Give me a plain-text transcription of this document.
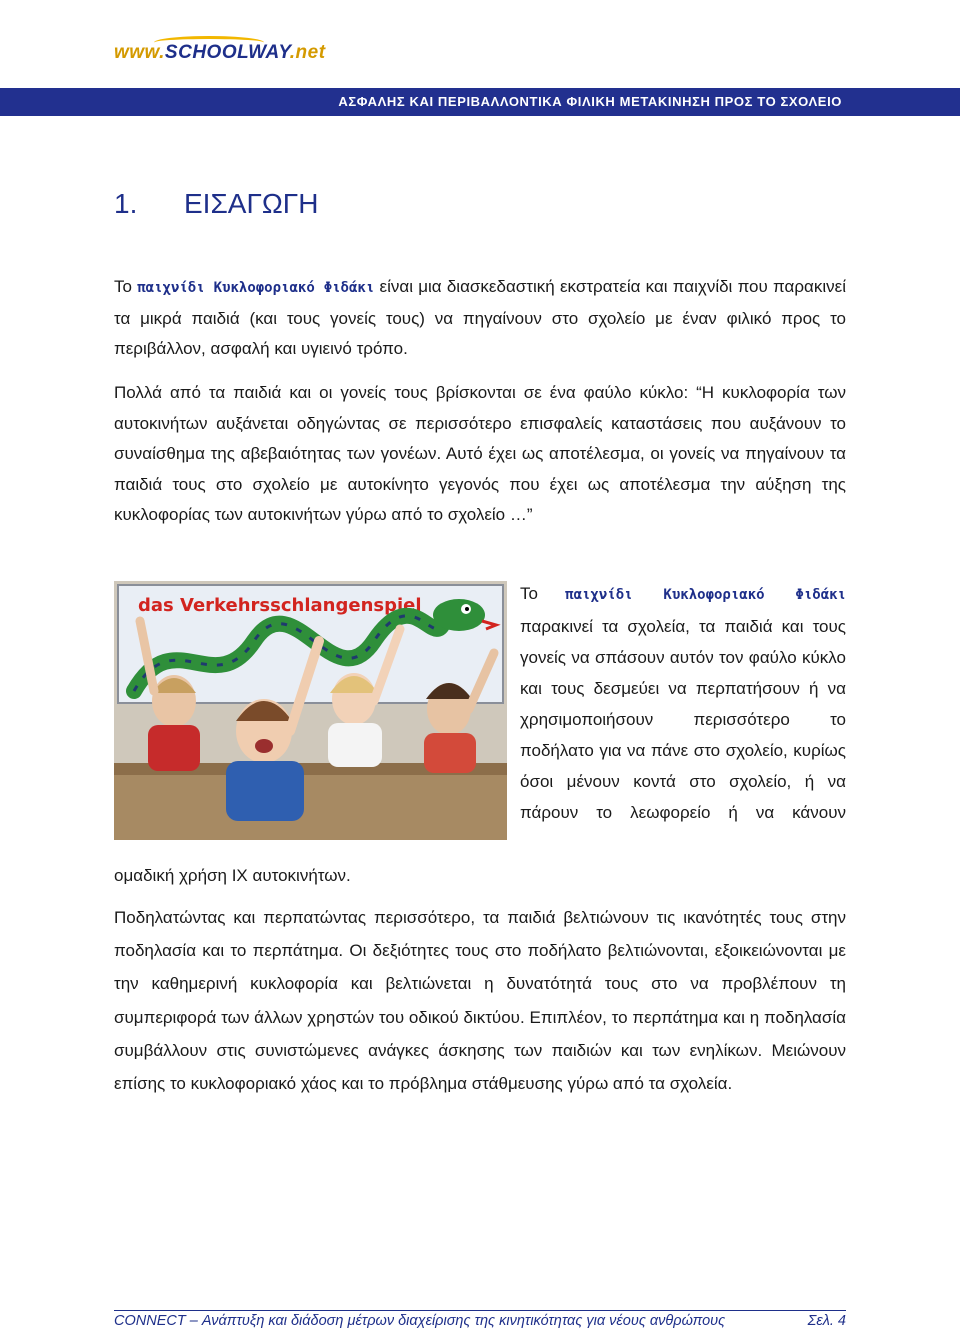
www.SCHOOLWAY.net
ΑΣΦΑΛΗΣ ΚΑΙ ΠΕΡΙΒΑΛΛΟΝΤΙΚΑ ΦΙΛΙΚΗ ΜΕΤΑΚΙΝΗΣΗ ΠΡΟΣ ΤΟ ΣΧΟΛΕΙΟ
1. ΕΙΣΑΓΩΓΗ

Το παιχνίδι Κυκλοφοριακό Φιδάκι είναι μια διασκεδαστική εκστρατεία και παιχνίδι που παρακινεί τα μικρά παιδιά (και τους γονείς τους) να πηγαίνουν στο σχολείο με έναν φιλικό προς το περιβάλλον, ασφαλή και υγιεινό τρόπο.

Πολλά από τα παιδιά και οι γονείς τους βρίσκονται σε ένα φαύλο κύκλο: “Η κυκλοφορία των αυτοκινήτων αυξάνεται οδηγώντας σε περισσότερο επισφαλείς καταστάσεις που αυξάνουν το συναίσθημα της αβεβαιότητας των γονέων. Αυτό έχει ως αποτέλεσμα, οι γονείς να πηγαίνουν τα παιδιά τους στο σχολείο με αυτοκίνητο γεγονός που έχει ως αποτέλεσμα την αύξηση της κυκλοφορίας των αυτοκινήτων γύρω από το σχολείο …”

das Verkehrsschlangenspiel

Το παιχνίδι Κυκλοφοριακό Φιδάκι παρακινεί τα σχολεία, τα παιδιά και τους γονείς να σπάσουν αυτόν τον φαύλο κύκλο και τους δεσμεύει να περπατήσουν ή να χρησιμοποιήσουν περισσότερο το ποδήλατο για να πάνε στο σχολείο, κυρίως όσοι μένουν κοντά στο σχολείο, ή να πάρουν το λεωφορείο ή να κάνουν

ομαδική χρήση ΙΧ αυτοκινήτων.

Ποδηλατώντας και περπατώντας περισσότερο, τα παιδιά βελτιώνουν τις ικανότητές τους στην ποδηλασία και το περπάτημα. Οι δεξιότητες τους στο ποδήλατο βελτιώνονται, εξοικειώνονται με την καθημερινή κυκλοφορία και βελτιώνεται η δυνατότητά τους στο να προβλέπουν τη συμπεριφορά των άλλων χρηστών του οδικού δικτύου. Επιπλέον, το περπάτημα και η ποδηλασία συμβάλλουν στις συνιστώμενες ανάγκες άσκησης των παιδιών και των ενηλίκων. Μειώνουν επίσης το κυκλοφοριακό χάος και το πρόβλημα στάθμευσης γύρω από τα σχολεία.

CONNECT – Ανάπτυξη και διάδοση μέτρων διαχείρισης της κινητικότητας για νέους ανθρώπους	Σελ. 4
